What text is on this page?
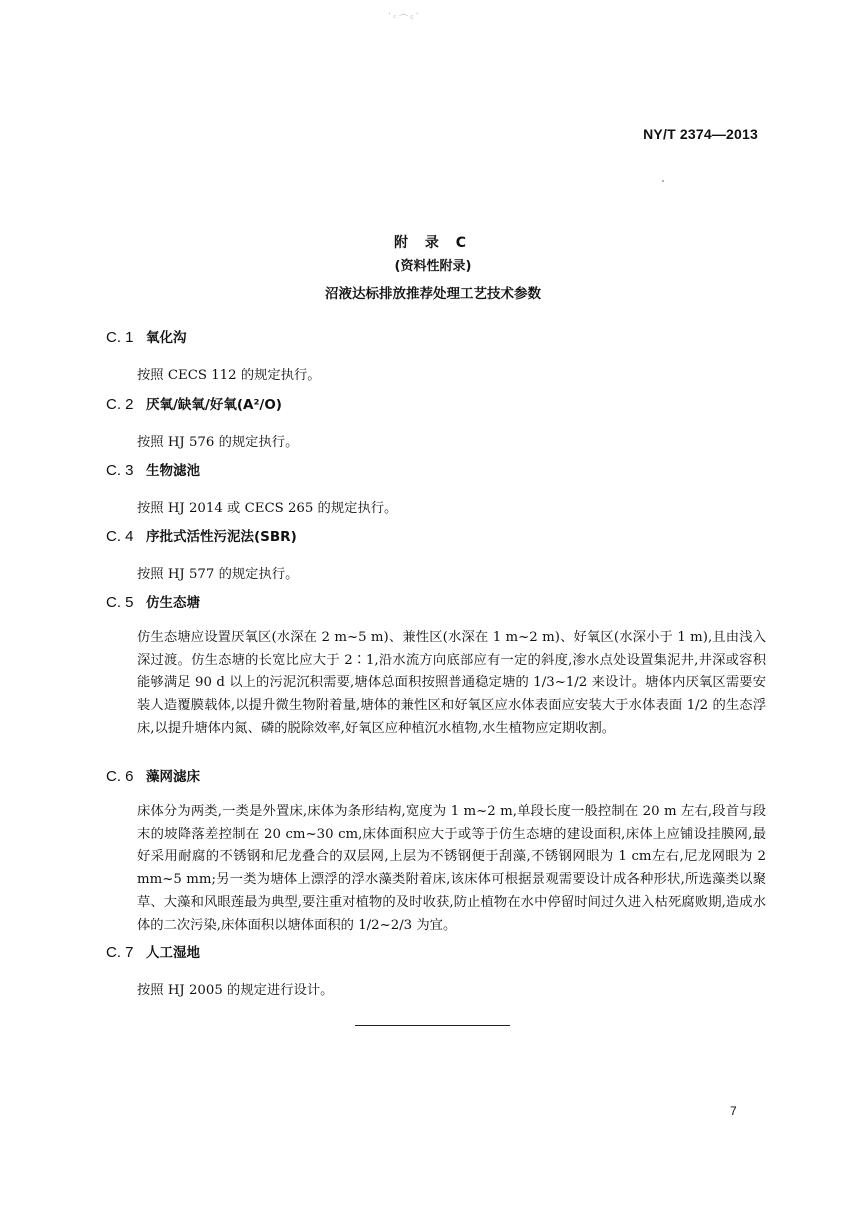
·꜀෴꜁·
NY/T 2374—2013
附 录 C
(资料性附录)
沼液达标排放推荐处理工艺技术参数
C. 1 氧化沟
按照 CECS 112 的规定执行。
C. 2 厌氧/缺氧/好氧(A²/O)
按照 HJ 576 的规定执行。
C. 3 生物滤池
按照 HJ 2014 或 CECS 265 的规定执行。
C. 4 序批式活性污泥法(SBR)
按照 HJ 577 的规定执行。
C. 5 仿生态塘
仿生态塘应设置厌氧区(水深在 2 m~5 m)、兼性区(水深在 1 m~2 m)、好氧区(水深小于 1 m),且由浅入深过渡。仿生态塘的长宽比应大于 2∶1,沿水流方向底部应有一定的斜度,渗水点处设置集泥井,井深或容积能够满足 90 d 以上的污泥沉积需要,塘体总面积按照普通稳定塘的 1/3~1/2 来设计。塘体内厌氧区需要安装人造覆膜载体,以提升微生物附着量,塘体的兼性区和好氧区应水体表面应安装大于水体表面 1/2 的生态浮床,以提升塘体内氮、磷的脱除效率,好氧区应种植沉水植物,水生植物应定期收割。
C. 6 藻网滤床
床体分为两类,一类是外置床,床体为条形结构,宽度为 1 m~2 m,单段长度一般控制在 20 m 左右,段首与段末的坡降落差控制在 20 cm~30 cm,床体面积应大于或等于仿生态塘的建设面积,床体上应铺设挂膜网,最好采用耐腐的不锈钢和尼龙叠合的双层网,上层为不锈钢便于刮藻,不锈钢网眼为 1 cm左右,尼龙网眼为 2 mm~5 mm;另一类为塘体上漂浮的浮水藻类附着床,该床体可根据景观需要设计成各种形状,所选藻类以聚草、大藻和风眼莲最为典型,要注重对植物的及时收获,防止植物在水中停留时间过久进入枯死腐败期,造成水体的二次污染,床体面积以塘体面积的 1/2~2/3 为宜。
C. 7 人工湿地
按照 HJ 2005 的规定进行设计。
7
